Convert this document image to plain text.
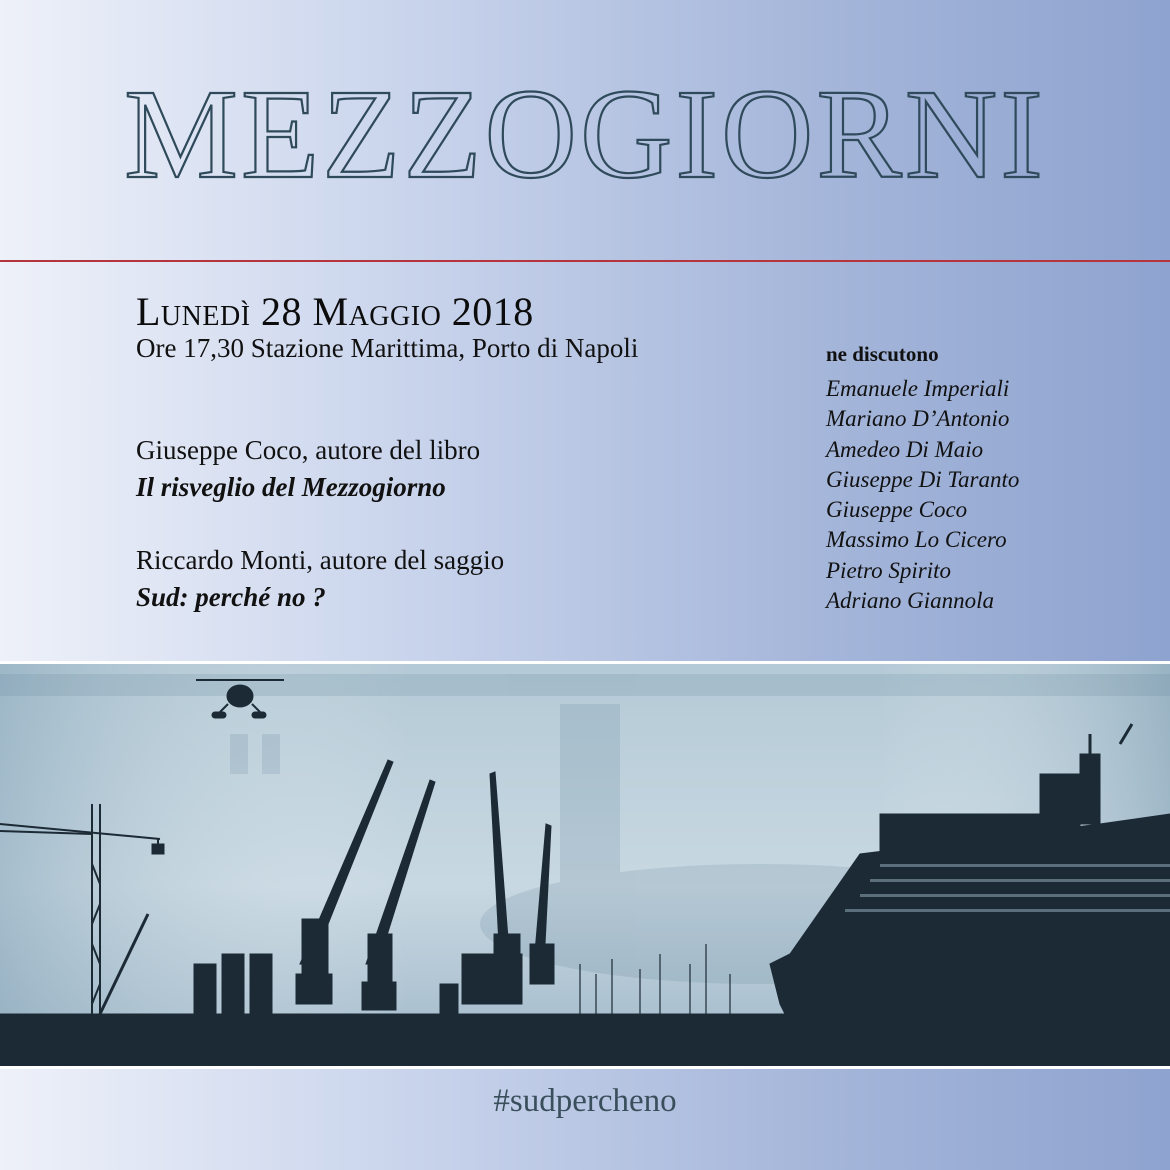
MEZZOGIORNI
Lunedì 28 Maggio 2018
Ore 17,30 Stazione Marittima, Porto di Napoli
Giuseppe Coco, autore del libro
Il risveglio del Mezzogiorno
Riccardo Monti, autore del saggio
Sud: perché no ?
ne discutono
Emanuele Imperiali
Mariano D’Antonio
Amedeo Di Maio
Giuseppe Di Taranto
Giuseppe Coco
Massimo Lo Cicero
Pietro Spirito
Adriano Giannola
#sudpercheno
